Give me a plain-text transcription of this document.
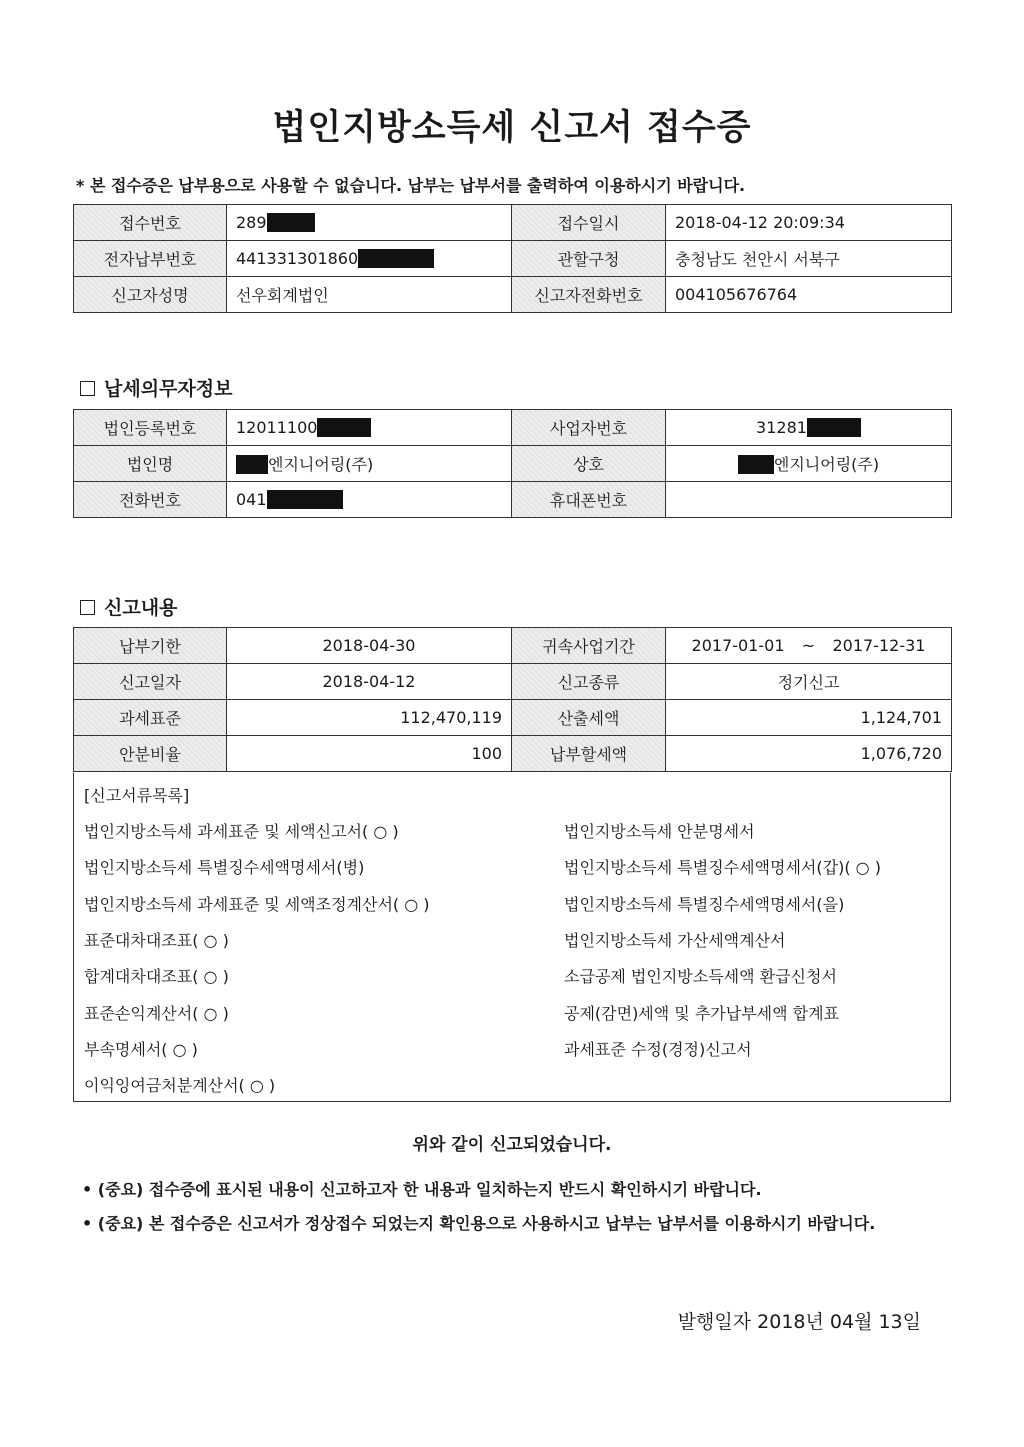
법인지방소득세 신고서 접수증
* 본 접수증은 납부용으로 사용할 수 없습니다. 납부는 납부서를 출력하여 이용하시기 바랍니다.
접수번호	289	접수일시	2018-04-12 20:09:34
전자납부번호	441331301860	관할구청	충청남도 천안시 서북구
신고자성명	선우회계법인	신고자전화번호	004105676764
납세의무자정보
법인등록번호	12011100	사업자번호	31281
법인명	엔지니어링(주)	상호	엔지니어링(주)
전화번호	041	휴대폰번호	
신고내용
납부기한	2018-04-30	귀속사업기간	2017-01-01 ~ 2017-12-31
신고일자	2018-04-12	신고종류	정기신고
과세표준	112,470,119	산출세액	1,124,701
안분비율	100	납부할세액	1,076,720
[신고서류목록]
법인지방소득세 과세표준 및 세액신고서( ○ )
법인지방소득세 특별징수세액명세서(병)
법인지방소득세 과세표준 및 세액조정계산서( ○ )
표준대차대조표( ○ )
합계대차대조표( ○ )
표준손익계산서( ○ )
부속명세서( ○ )
이익잉여금처분계산서( ○ )
법인지방소득세 안분명세서
법인지방소득세 특별징수세액명세서(갑)( ○ )
법인지방소득세 특별징수세액명세서(을)
법인지방소득세 가산세액계산서
소급공제 법인지방소득세액 환급신청서
공제(감면)세액 및 추가납부세액 합계표
과세표준 수정(경정)신고서
위와 같이 신고되었습니다.
• (중요) 접수증에 표시된 내용이 신고하고자 한 내용과 일치하는지 반드시 확인하시기 바랍니다.
• (중요) 본 접수증은 신고서가 정상접수 되었는지 확인용으로 사용하시고 납부는 납부서를 이용하시기 바랍니다.
발행일자 2018년 04월 13일
